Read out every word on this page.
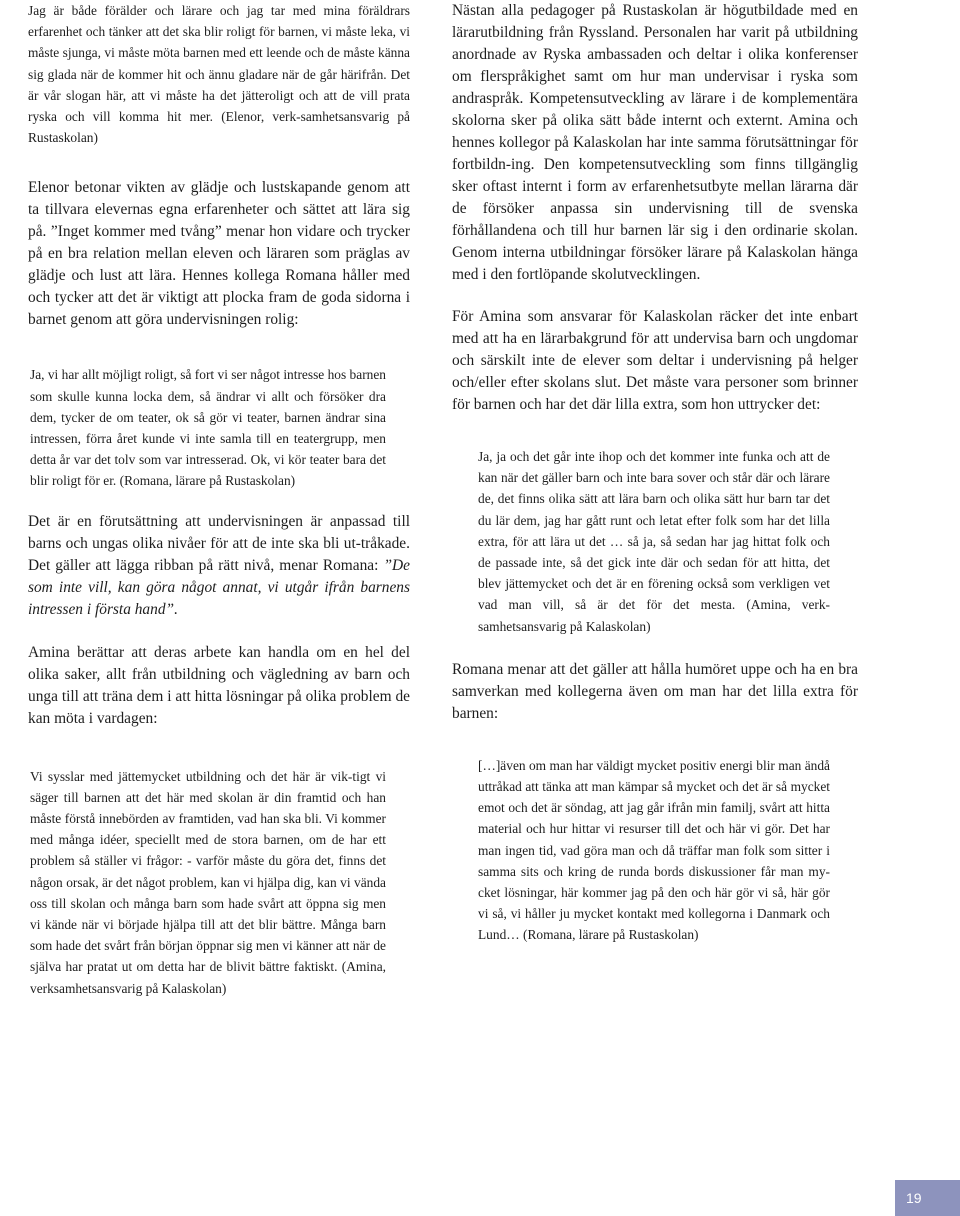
Jag är både förälder och lärare och jag tar med mina föräldrars erfarenhet och tänker att det ska blir roligt för barnen, vi måste leka, vi måste sjunga, vi måste möta barnen med ett leende och de måste känna sig glada när de kommer hit och ännu gladare när de går härifrån. Det är vår slogan här, att vi måste ha det jätteroligt och att de vill prata ryska och vill komma hit mer. (Elenor, verk-samhetsansvarig på Rustaskolan)

Elenor betonar vikten av glädje och lustskapande genom att ta tillvara elevernas egna erfarenheter och sättet att lära sig på. ”Inget kommer med tvång” menar hon vidare och trycker på en bra relation mellan eleven och läraren som präglas av glädje och lust att lära. Hennes kollega Romana håller med och tycker att det är viktigt att plocka fram de goda sidorna i barnet genom att göra undervisningen rolig:

Ja, vi har allt möjligt roligt, så fort vi ser något intresse hos barnen som skulle kunna locka dem, så ändrar vi allt och försöker dra dem, tycker de om teater, ok så gör vi teater, barnen ändrar sina intressen, förra året kunde vi inte samla till en teatergrupp, men detta år var det tolv som var intresserad. Ok, vi kör teater bara det blir roligt för er. (Romana, lärare på Rustaskolan)

Det är en förutsättning att undervisningen är anpassad till barns och ungas olika nivåer för att de inte ska bli ut-tråkade. Det gäller att lägga ribban på rätt nivå, menar Romana: ”De som inte vill, kan göra något annat, vi utgår ifrån barnens intressen i första hand”.

Amina berättar att deras arbete kan handla om en hel del olika saker, allt från utbildning och vägledning av barn och unga till att träna dem i att hitta lösningar på olika problem de kan möta i vardagen:

Vi sysslar med jättemycket utbildning och det här är vik-tigt vi säger till barnen att det här med skolan är din framtid och han måste förstå innebörden av framtiden, vad han ska bli. Vi kommer med många idéer, speciellt med de stora barnen, om de har ett problem så ställer vi frågor: - varför måste du göra det, finns det någon orsak, är det något problem, kan vi hjälpa dig, kan vi vända oss till skolan och många barn som hade svårt att öppna sig men vi kände när vi började hjälpa till att det blir bättre. Många barn som hade det svårt från början öppnar sig men vi känner att när de själva har pratat ut om detta har de blivit bättre faktiskt. (Amina, verksamhetsansvarig på Kalaskolan)

Nästan alla pedagoger på Rustaskolan är högutbildade med en lärarutbildning från Ryssland. Personalen har varit på utbildning anordnade av Ryska ambassaden och deltar i olika konferenser om flerspråkighet samt om hur man undervisar i ryska som andraspråk. Kompetensutveckling av lärare i de komplementära skolorna sker på olika sätt både internt och externt. Amina och hennes kollegor på Kalaskolan har inte samma förutsättningar för fortbildn-ing. Den kompetensutveckling som finns tillgänglig sker oftast internt i form av erfarenhetsutbyte mellan lärarna där de försöker anpassa sin undervisning till de svenska förhållandena och till hur barnen lär sig i den ordinarie skolan. Genom interna utbildningar försöker lärare på Kalaskolan hänga med i den fortlöpande skolutvecklingen.

För Amina som ansvarar för Kalaskolan räcker det inte enbart med att ha en lärarbakgrund för att undervisa barn och ungdomar och särskilt inte de elever som deltar i undervisning på helger och/eller efter skolans slut. Det måste vara personer som brinner för barnen och har det där lilla extra, som hon uttrycker det:

Ja, ja och det går inte ihop och det kommer inte funka och att de kan när det gäller barn och inte bara sover och står där och lärare de, det finns olika sätt att lära barn och olika sätt hur barn tar det du lär dem, jag har gått runt och letat efter folk som har det lilla extra, för att lära ut det … så ja, så sedan har jag hittat folk och de passade inte, så det gick inte där och sedan för att hitta, det blev jättemycket och det är en förening också som verkligen vet vad man vill, så är det för det mesta. (Amina, verk-samhetsansvarig på Kalaskolan)

Romana menar att det gäller att hålla humöret uppe och ha en bra samverkan med kollegerna även om man har det lilla extra för barnen:

[…]även om man har väldigt mycket positiv energi blir man ändå uttråkad att tänka att man kämpar så mycket och det är så mycket emot och det är söndag, att jag går ifrån min familj, svårt att hitta material och hur hittar vi resurser till det och här vi gör. Det har man ingen tid, vad göra man och då träffar man folk som sitter i samma sits och kring de runda bords diskussioner får man my-cket lösningar, här kommer jag på den och här gör vi så, här gör vi så, vi håller ju mycket kontakt med kollegorna i Danmark och Lund… (Romana, lärare på Rustaskolan)

19
